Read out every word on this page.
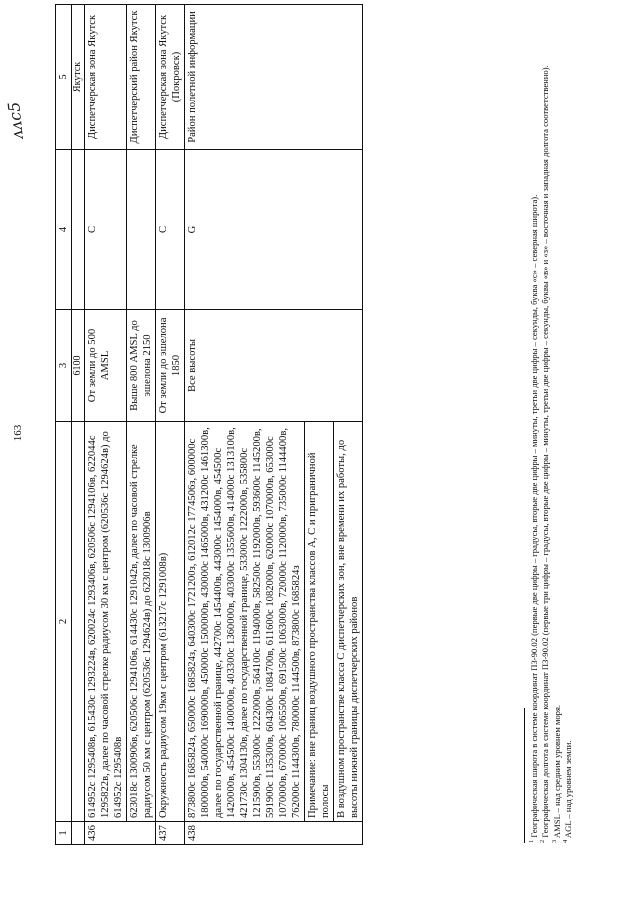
163
ᴧᴧc5
1	2	3	4	5
		6100		Якутск
436	614952с 1295408в, 615430с 1293224в, 620024с 1293406в, 620506с 1294106в, 622044с 1295822в, далее по часовой стрелке радиусом 30 км с центром (620536с 1294624в) до 614952с 1295408в	От земли до 500 AMSL	С	Диспетчерская зона Якутск
	623018с 1300906в, 620506с 1294106в, 614430с 1291042в, далее по часовой стрелке радиусом 50 км с центром (620536с 1294624в) до 623018с 1300906в	Выше 800 AMSL до эшелона 2150		Диспетчерский район Якутск
437	Окружность радиусом 19км с центром (613217с 1291008в)	От земли до эшелона 1850	С	Диспетчерская зона Якутск (Покровск)
438	873800с 1685824з, 650000с 1685824з, 640300с 1721200з, 612012с 1774506з, 600000с 1800000в, 540000с 1690000в, 450000с 1500000в, 430000с 1465000в, 431200с 1461300в, далее по государственной границе, 442700с 1454400в, 443000с 1454000в, 454500с 1420000в, 454500с 1400000в, 403300с 1360000в, 403000с 1355600в, 414000с 1313100в, 421730с 1304130в, далее по государственной границе, 533000с 1222000в, 535800с 1215900в, 553000с 1222000в, 564100с 1194000в, 582500с 1192000в, 593600с 1145200в, 591900с 1135300в, 604300с 1084700в, 611600с 1082000в, 620000с 1070000в, 653000с 1070000в, 670000с 1065500в, 691500с 1063000в, 720000с 1120000в, 735000с 1144400в, 762000с 1144300в, 780000с 1144500в, 873800с 1685824з	Все высоты	G	Район полетной информации
	Примечание: вне границ воздушного пространства классов А, С и приграничной полосы			
	В воздушном пространстве класса С диспетчерских зон, вне времени их работы, до высоты нижней границы диспетчерских районов			

$^1$ Географическая широта в системе координат ПЗ-90.02 (первые две цифры – градусы, вторые две цифры – минуты, третьи две цифры – секунды, буква «с» – северная широта).

$^2$ Географическая долгота в системе координат ПЗ-90.02 (первые три цифры – градусы, вторые две цифры – минуты, третьи две цифры – секунды, буквы «в» и «з» – восточная и западная долгота соответственно).

$^3$ AMSL – над средним уровнем моря.

$^4$ AGL – над уровнем земли.
